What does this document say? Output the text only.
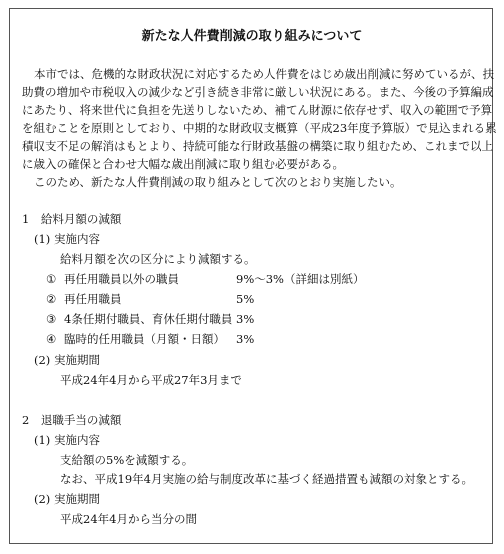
新たな人件費削減の取り組みについて
本市では、危機的な財政状況に対応するため人件費をはじめ歳出削減に努めているが、扶
助費の増加や市税収入の減少など引き続き非常に厳しい状況にある。また、今後の予算編成
にあたり、将来世代に負担を先送りしないため、補てん財源に依存せず、収入の範囲で予算
を組むことを原則としており、中期的な財政収支概算（平成23年度予算版）で見込まれる累
積収支不足の解消はもとより、持続可能な行財政基盤の構築に取り組むため、これまで以上
に歳入の確保と合わせ大幅な歳出削減に取り組む必要がある。
このため、新たな人件費削減の取り組みとして次のとおり実施したい。
1　給料月額の減額
(1) 実施内容
給料月額を次の区分により減額する。
① 再任用職員以外の職員	9%～3%（詳細は別紙）
② 再任用職員	5%
③ 4条任期付職員、育休任期付職員 3%
④ 臨時的任用職員（月額・日額） 3%
(2) 実施期間
平成24年4月から平成27年3月まで
2　退職手当の減額
(1) 実施内容
支給額の5%を減額する。
なお、平成19年4月実施の給与制度改革に基づく経過措置も減額の対象とする。
(2) 実施期間
平成24年4月から当分の間
